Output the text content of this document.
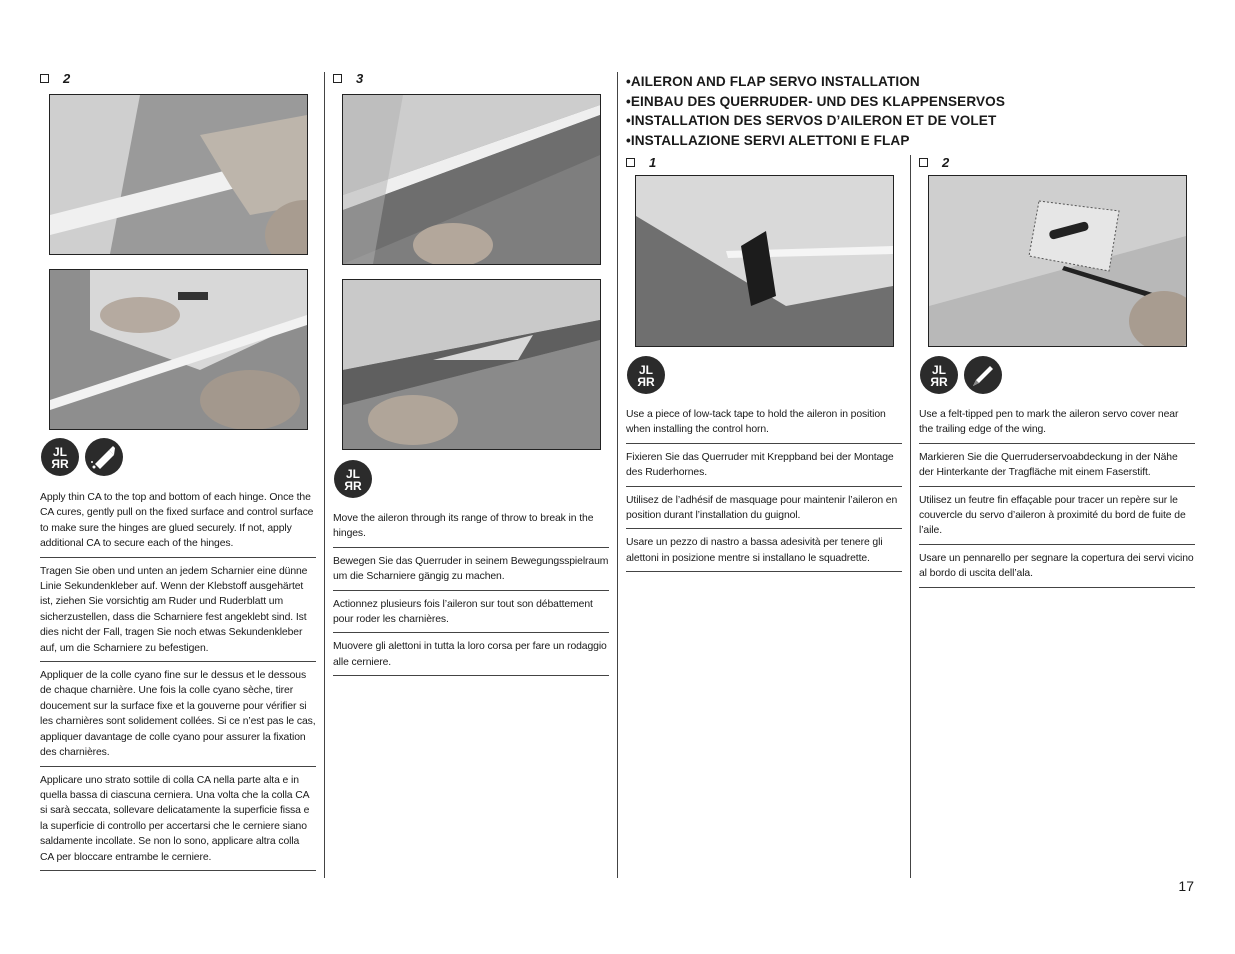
2
Apply thin CA to the top and bottom of each hinge. Once the CA cures, gently pull on the fixed surface and control surface to make sure the hinges are glued securely. If not, apply additional CA to secure each of the hinges.
Tragen Sie oben und unten an jedem Scharnier eine dünne Linie Sekundenkleber auf. Wenn der Klebstoff ausgehärtet ist, ziehen Sie vorsichtig am Ruder und Ruderblatt um sicherzustellen, dass die Scharniere fest angeklebt sind. Ist dies nicht der Fall, tragen Sie noch etwas Sekundenkleber auf, um die Scharniere zu befestigen.
Appliquer de la colle cyano fine sur le dessus et le dessous de chaque charnière. Une fois la colle cyano sèche, tirer doucement sur la surface fixe et la gouverne pour vérifier si les charnières sont solidement collées. Si ce n’est pas le cas, appliquer davantage de colle cyano pour assurer la fixation des charnières.
Applicare uno strato sottile di colla CA nella parte alta e in quella bassa di ciascuna cerniera. Una volta che la colla CA si sarà seccata, sollevare delicatamente la superficie fissa e la superficie di controllo per accertarsi che le cerniere siano saldamente incollate. Se non lo sono, applicare altra colla CA per bloccare entrambe le cerniere.
3
Move the aileron through its range of throw to break in the hinges.
Bewegen Sie das Querruder in seinem Bewegungsspielraum um die Scharniere gängig zu machen.
Actionnez plusieurs fois l’aileron sur tout son débattement pour roder les charnières.
Muovere gli alettoni in tutta la loro corsa per fare un rodaggio alle cerniere.
•AILERON AND FLAP SERVO INSTALLATION
•EINBAU DES QUERRUDER- UND DES KLAPPENSERVOS
•INSTALLATION DES SERVOS D’AILERON ET DE VOLET
•INSTALLAZIONE SERVI ALETTONI E FLAP
1
Use a piece of low-tack tape to hold the aileron in position when installing the control horn.
Fixieren Sie das Querruder mit Kreppband bei der Montage des Ruderhornes.
Utilisez de l’adhésif de masquage pour maintenir l’aileron en position durant l’installation du guignol.
Usare un pezzo di nastro a bassa adesività per tenere gli alettoni in posizione mentre si installano le squadrette.
2
Use a felt-tipped pen to mark the aileron servo cover near the trailing edge of the wing.
Markieren Sie die Querruderservoabdeckung in der Nähe der Hinterkante der Tragfläche mit einem Faserstift.
Utilisez un feutre fin effaçable pour tracer un repère sur le couvercle du servo d’aileron à proximité du bord de fuite de l’aile.
Usare un pennarello per segnare la copertura dei servi vicino al bordo di uscita dell’ala.
17
